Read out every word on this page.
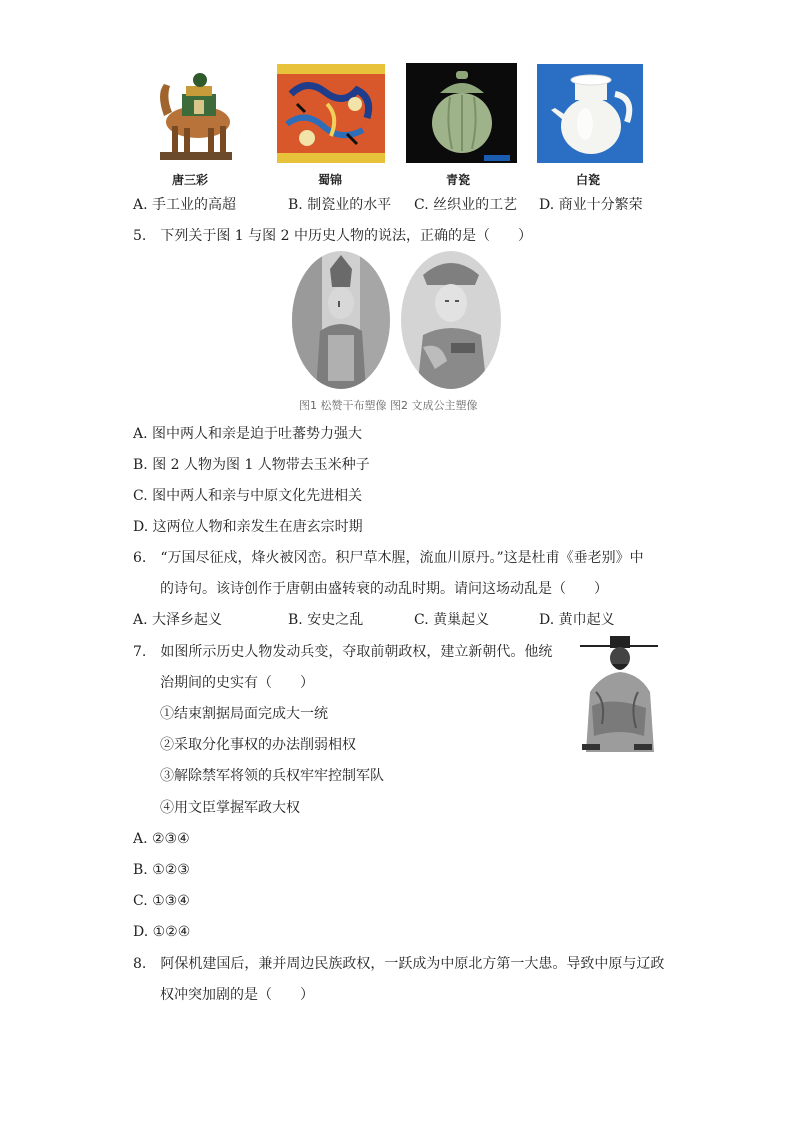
唐三彩	蜀锦	青瓷	白瓷
A. 手工业的高超	B. 制瓷业的水平 C. 丝织业的工艺 D. 商业十分繁荣
5.　下列关于图 1 与图 2 中历史人物的说法，正确的是（　　）
图1 松赞干布塑像 图2 文成公主塑像
A. 图中两人和亲是迫于吐蕃势力强大
B. 图 2 人物为图 1 人物带去玉米种子
C. 图中两人和亲与中原文化先进相关
D. 这两位人物和亲发生在唐玄宗时期
6.　“万国尽征戍，烽火被冈峦。积尸草木腥，流血川原丹。”这是杜甫《垂老别》中
的诗句。该诗创作于唐朝由盛转衰的动乱时期。请问这场动乱是（　　）
A. 大泽乡起义	B. 安史之乱	C. 黄巢起义	D. 黄巾起义
7.　如图所示历史人物发动兵变，夺取前朝政权，建立新朝代。他统
治期间的史实有（　　）
①结束割据局面完成大一统
②采取分化事权的办法削弱相权
③解除禁军将领的兵权牢牢控制军队
④用文臣掌握军政大权
A. ②③④
B. ①②③
C. ①③④
D. ①②④
8.　阿保机建国后，兼并周边民族政权，一跃成为中原北方第一大患。导致中原与辽政
权冲突加剧的是（　　）
